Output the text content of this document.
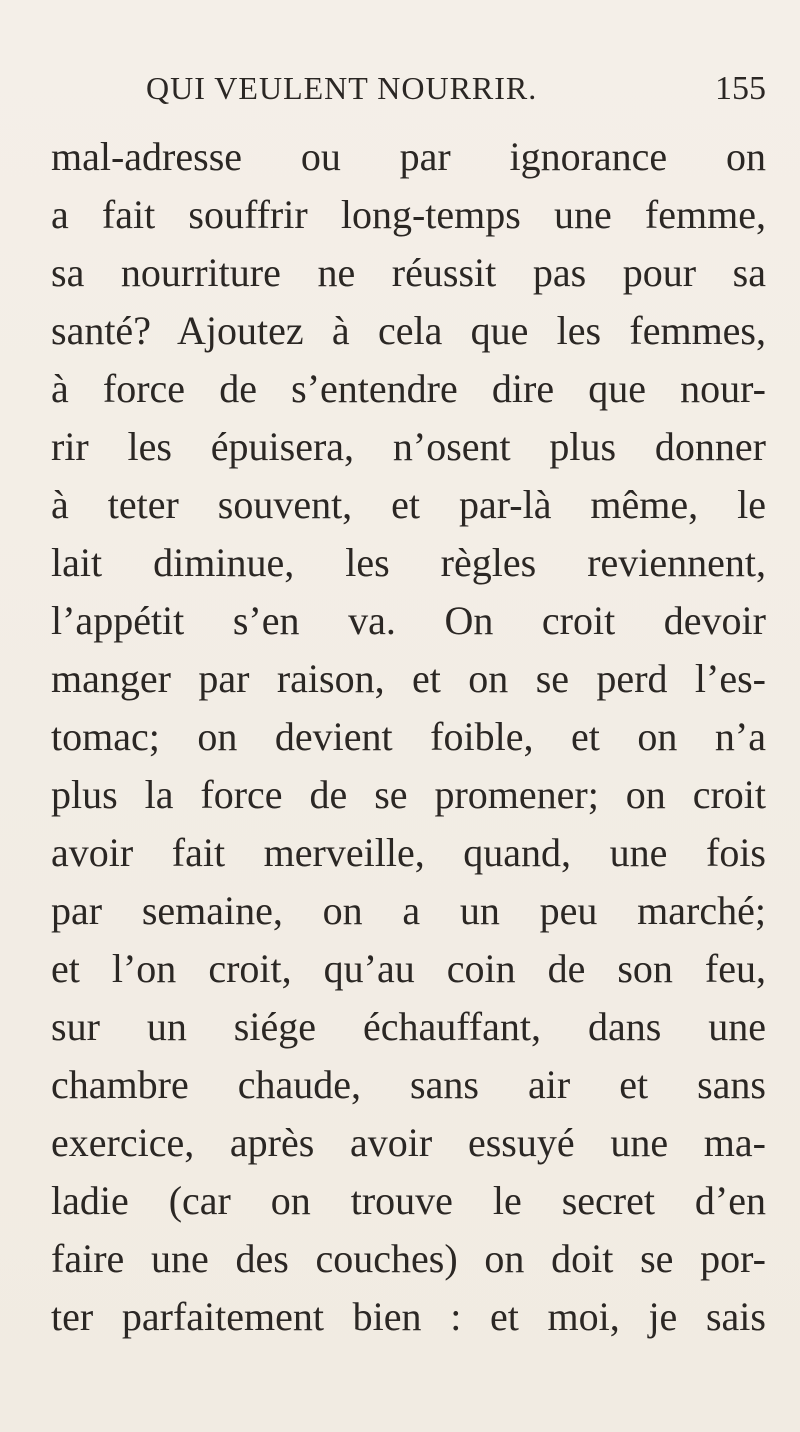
QUI VEULENT NOURRIR.	155
mal-adresse ou par ignorance on
a fait souffrir long-temps une femme,
sa nourriture ne réussit pas pour sa
santé? Ajoutez à cela que les femmes,
à force de s’entendre dire que nour-
rir les épuisera, n’osent plus donner
à teter souvent, et par-là même, le
lait diminue, les règles reviennent,
l’appétit s’en va. On croit devoir
manger par raison, et on se perd l’es-
tomac; on devient foible, et on n’a
plus la force de se promener; on croit
avoir fait merveille, quand, une fois
par semaine, on a un peu marché;
et l’on croit, qu’au coin de son feu,
sur un siége échauffant, dans une
chambre chaude, sans air et sans
exercice, après avoir essuyé une ma-
ladie (car on trouve le secret d’en
faire une des couches) on doit se por-
ter parfaitement bien : et moi, je sais
